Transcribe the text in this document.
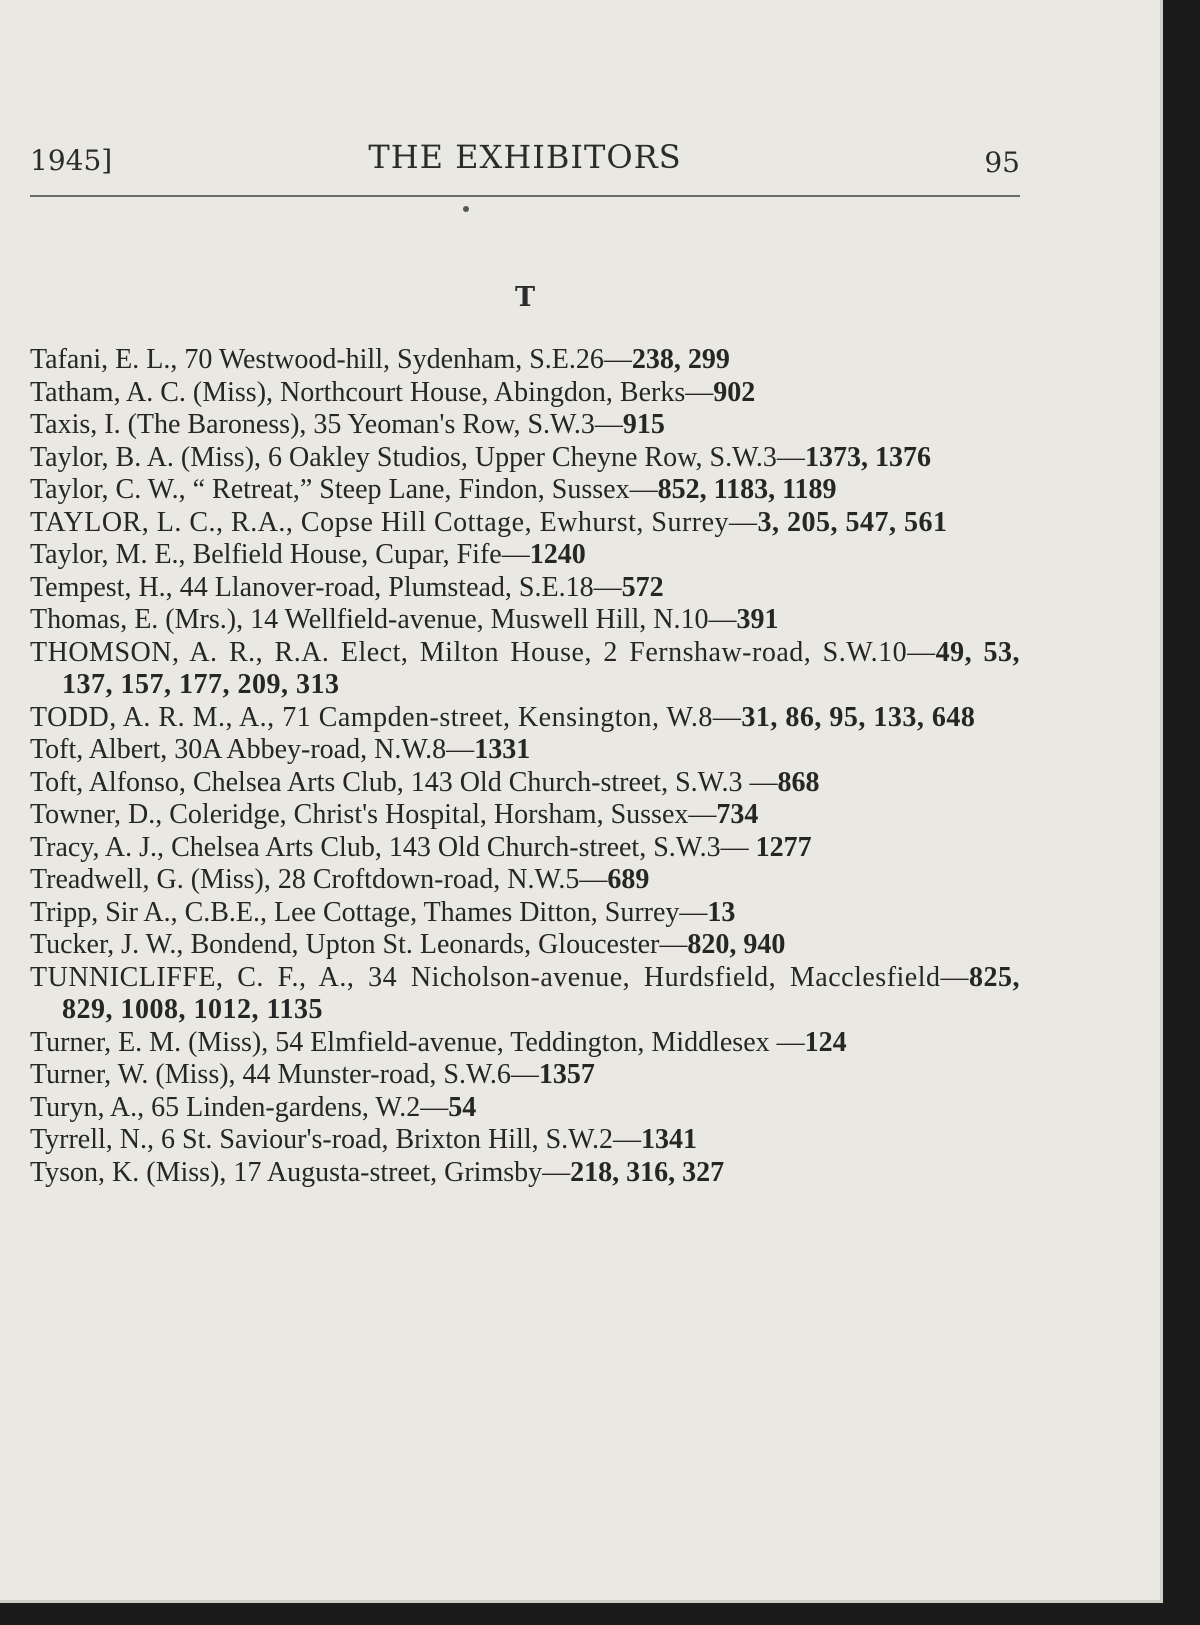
1945]	THE EXHIBITORS	95
T
Tafani, E. L., 70 Westwood-hill, Sydenham, S.E.26—238, 299
Tatham, A. C. (Miss), Northcourt House, Abingdon, Berks—902
Taxis, I. (The Baroness), 35 Yeoman's Row, S.W.3—915
Taylor, B. A. (Miss), 6 Oakley Studios, Upper Cheyne Row, S.W.3—1373, 1376
Taylor, C. W., “ Retreat,” Steep Lane, Findon, Sussex—852, 1183, 1189
TAYLOR, L. C., R.A., Copse Hill Cottage, Ewhurst, Surrey—3, 205, 547, 561
Taylor, M. E., Belfield House, Cupar, Fife—1240
Tempest, H., 44 Llanover-road, Plumstead, S.E.18—572
Thomas, E. (Mrs.), 14 Wellfield-avenue, Muswell Hill, N.10—391
THOMSON, A. R., R.A. Elect, Milton House, 2 Fernshaw-road, S.W.10—49, 53, 137, 157, 177, 209, 313
TODD, A. R. M., A., 71 Campden-street, Kensington, W.8—31, 86, 95, 133, 648
Toft, Albert, 30A Abbey-road, N.W.8—1331
Toft, Alfonso, Chelsea Arts Club, 143 Old Church-street, S.W.3 —868
Towner, D., Coleridge, Christ's Hospital, Horsham, Sussex—734
Tracy, A. J., Chelsea Arts Club, 143 Old Church-street, S.W.3— 1277
Treadwell, G. (Miss), 28 Croftdown-road, N.W.5—689
Tripp, Sir A., C.B.E., Lee Cottage, Thames Ditton, Surrey—13
Tucker, J. W., Bondend, Upton St. Leonards, Gloucester—820, 940
TUNNICLIFFE, C. F., A., 34 Nicholson-avenue, Hurdsfield, Macclesfield—825, 829, 1008, 1012, 1135
Turner, E. M. (Miss), 54 Elmfield-avenue, Teddington, Middlesex —124
Turner, W. (Miss), 44 Munster-road, S.W.6—1357
Turyn, A., 65 Linden-gardens, W.2—54
Tyrrell, N., 6 St. Saviour's-road, Brixton Hill, S.W.2—1341
Tyson, K. (Miss), 17 Augusta-street, Grimsby—218, 316, 327
